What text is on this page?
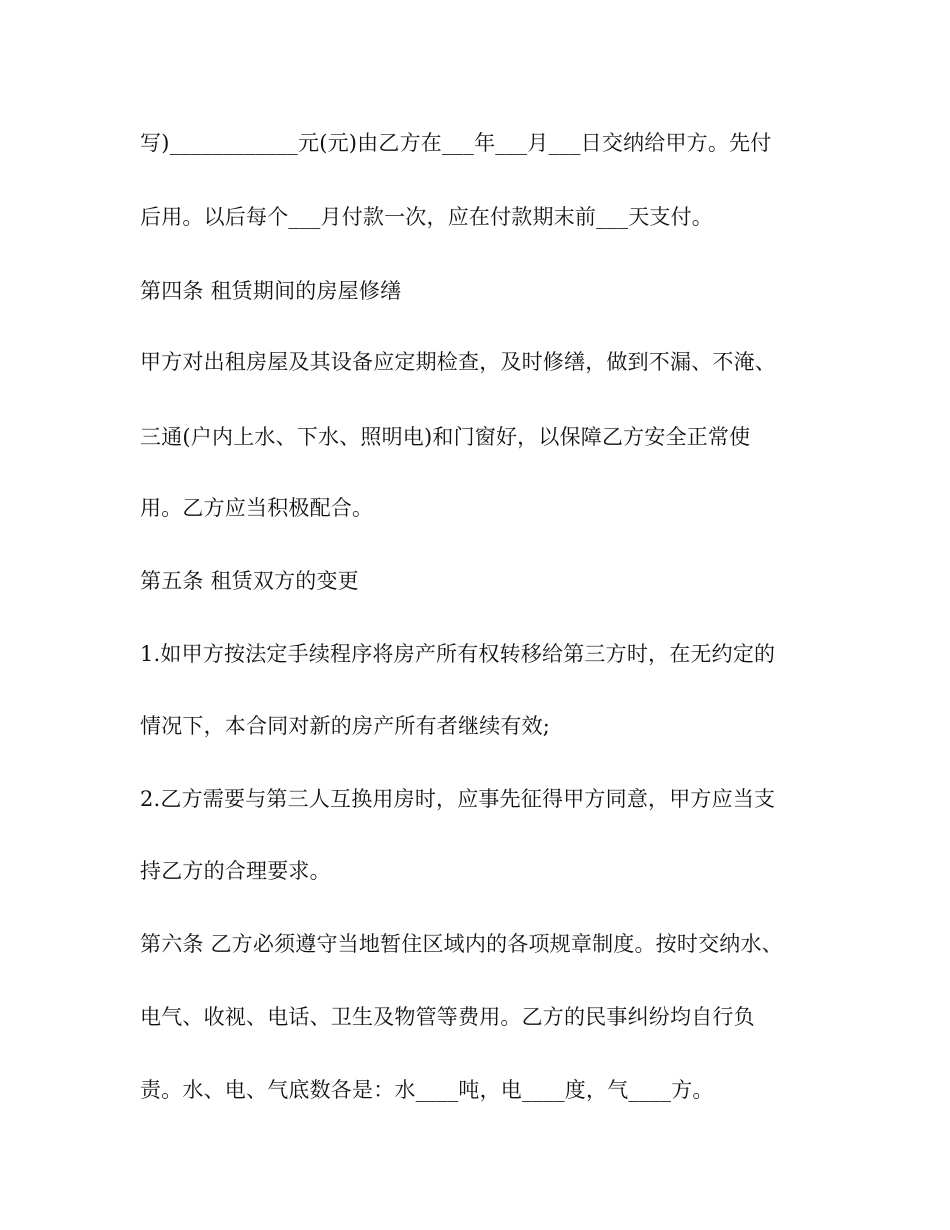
写)____________元(元)由乙方在___年___月___日交纳给甲方。先付
后用。以后每个___月付款一次，应在付款期末前___天支付。
第四条 租赁期间的房屋修缮
甲方对出租房屋及其设备应定期检查，及时修缮，做到不漏、不淹、
三通(户内上水、下水、照明电)和门窗好，以保障乙方安全正常使
用。乙方应当积极配合。
第五条 租赁双方的变更
1.如甲方按法定手续程序将房产所有权转移给第三方时，在无约定的
情况下，本合同对新的房产所有者继续有效;
2.乙方需要与第三人互换用房时，应事先征得甲方同意，甲方应当支
持乙方的合理要求。
第六条 乙方必须遵守当地暂住区域内的各项规章制度。按时交纳水、
电气、收视、电话、卫生及物管等费用。乙方的民事纠纷均自行负
责。水、电、气底数各是：水____吨，电____度，气____方。
